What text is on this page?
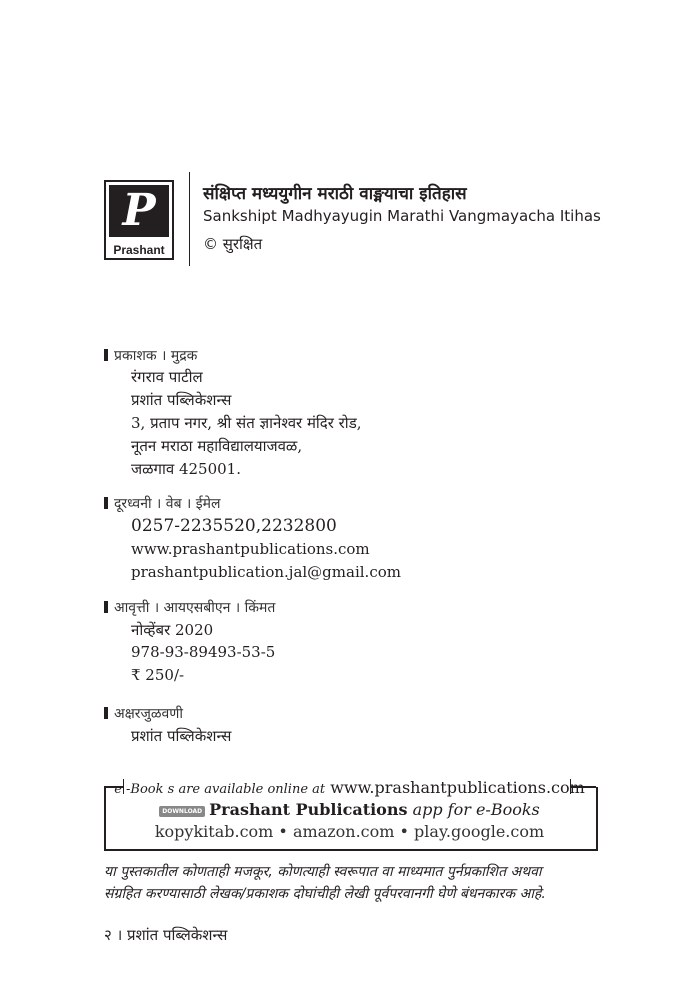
P
Prashant
संक्षिप्त मध्ययुगीन मराठी वाङ्मयाचा इतिहास
Sankshipt Madhyayugin Marathi Vangmayacha Itihas
© सुरक्षित
प्रकाशक । मुद्रक
रंगराव पाटील
प्रशांत पब्लिकेशन्स
3, प्रताप नगर, श्री संत ज्ञानेश्वर मंदिर रोड,
नूतन मराठा महाविद्यालयाजवळ,
जळगाव 425001.
दूरध्वनी । वेब । ईमेल
0257-2235520,2232800
www.prashantpublications.com
prashantpublication.jal@gmail.com
आवृत्ती । आयएसबीएन । किंमत
नोव्हेंबर 2020
978-93-89493-53-5
₹ 250/-
अक्षरजुळवणी
प्रशांत पब्लिकेशन्स
e -Book s are available online at www.prashantpublications.com
DOWNLOAD Prashant Publications app for e-Books
kopykitab.com • amazon.com • play.google.com
या पुस्तकातील कोणताही मजकूर, कोणत्याही स्वरूपात वा माध्यमात पुर्नप्रकाशित अथवा
संग्रहित करण्यासाठी लेखक/प्रकाशक दोघांचीही लेखी पूर्वपरवानगी घेणे बंधनकारक आहे.
२ । प्रशांत पब्लिकेशन्स
